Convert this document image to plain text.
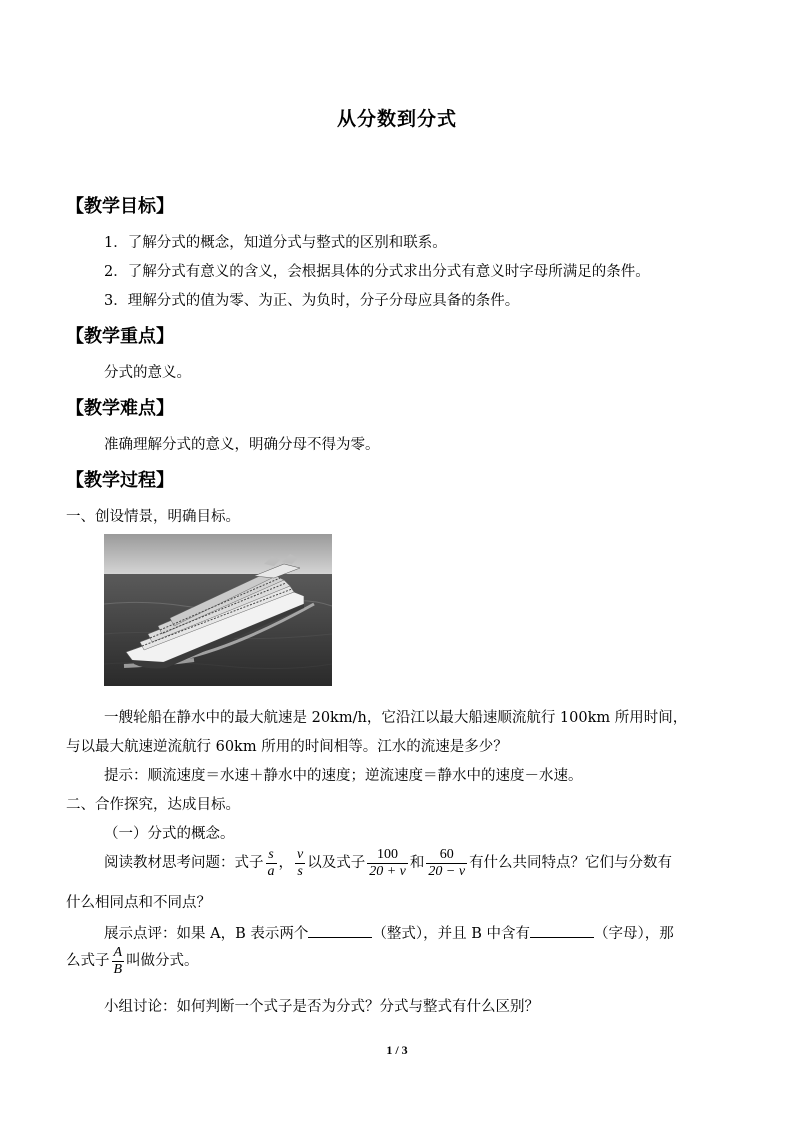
从分数到分式
【教学目标】
1．了解分式的概念，知道分式与整式的区别和联系。
2．了解分式有意义的含义，会根据具体的分式求出分式有意义时字母所满足的条件。
3．理解分式的值为零、为正、为负时，分子分母应具备的条件。
【教学重点】
分式的意义。
【教学难点】
准确理解分式的意义，明确分母不得为零。
【教学过程】
一、创设情景，明确目标。
一艘轮船在静水中的最大航速是 20km/h，它沿江以最大船速顺流航行 100km 所用时间，
与以最大航速逆流航行 60km 所用的时间相等。江水的流速是多少？
提示：顺流速度＝水速＋静水中的速度；逆流速度＝静水中的速度－水速。
二、合作探究，达成目标。
（一）分式的概念。
阅读教材思考问题：式子 $\frac{s}{a}$ ， $\frac{v}{s}$ 以及式子 $\frac{100}{20 + v}$ 和 $\frac{60}{20 - v}$ 有什么共同特点？它们与分数有
什么相同点和不同点？
展示点评：如果 A，B 表示两个	（整式），并且 B 中含有	（字母），那
么式子 $\frac{A}{B}$ 叫做分式。
小组讨论：如何判断一个式子是否为分式？分式与整式有什么区别？
1 / 3
